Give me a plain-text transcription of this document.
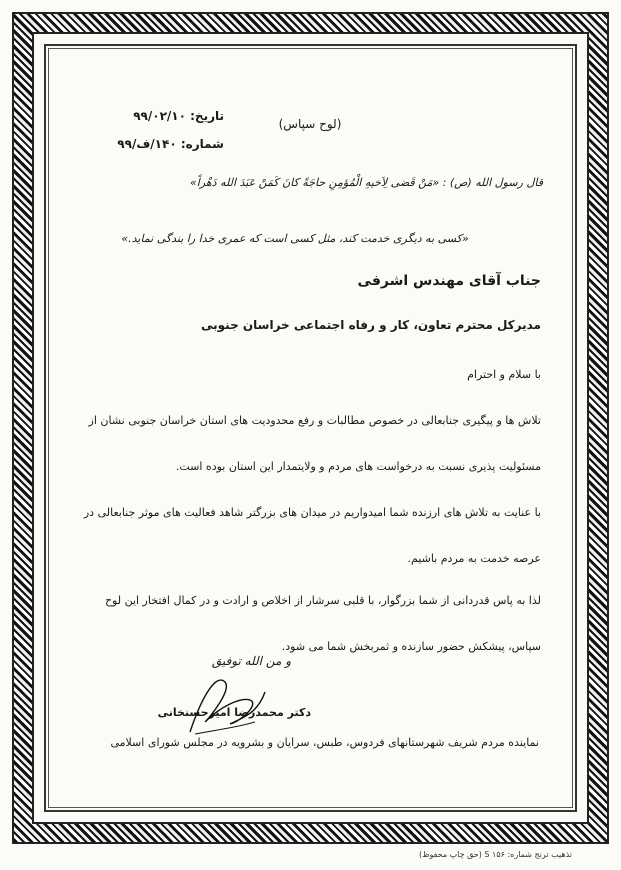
تاریخ: ۹۹/۰۲/۱۰
شماره: ۱۴۰/ف/۹۹
(لوح سپاس)
قال رسول الله (ص) : «مَنْ قَضی لِاَخیهِ الْمُؤمِنِ حاجَةً کانَ کَمَنْ عَبَدَ الله دَهْراً»
«کسی به دیگری خدمت کند، مثل کسی است که عمری خدا را بندگی نماید.»
جناب آقای مهندس اشرفی
مدیرکل محترم تعاون، کار و رفاه اجتماعی خراسان جنوبی
با سلام و احترام
تلاش ها و پیگیری جنابعالی در خصوص مطالبات و رفع محدودیت های استان خراسان جنوبی نشان از مسئولیت پذیری نسبت به درخواست های مردم و ولایتمدار این استان بوده است.
با عنایت به تلاش های ارزنده شما امیدواریم در میدان های بزرگتر شاهد فعالیت های موثر جنابعالی در عرصه خدمت به مردم باشیم.
لذا به پاس قدردانی از شما بزرگوار، با قلبی سرشار از اخلاص و ارادت و در کمال افتخار این لوح سپاس، پیشکش حضور سازنده و ثمربخش شما می شود.
و من الله توفیق
دکتر محمدرضا امیرحسنخانی
نماینده مردم شریف شهرستانهای فردوس، طبس، سرایان و بشرویه در مجلس شورای اسلامی
تذهیب ترنج شماره: ۱۵۶ S (حق چاپ محفوظ)
